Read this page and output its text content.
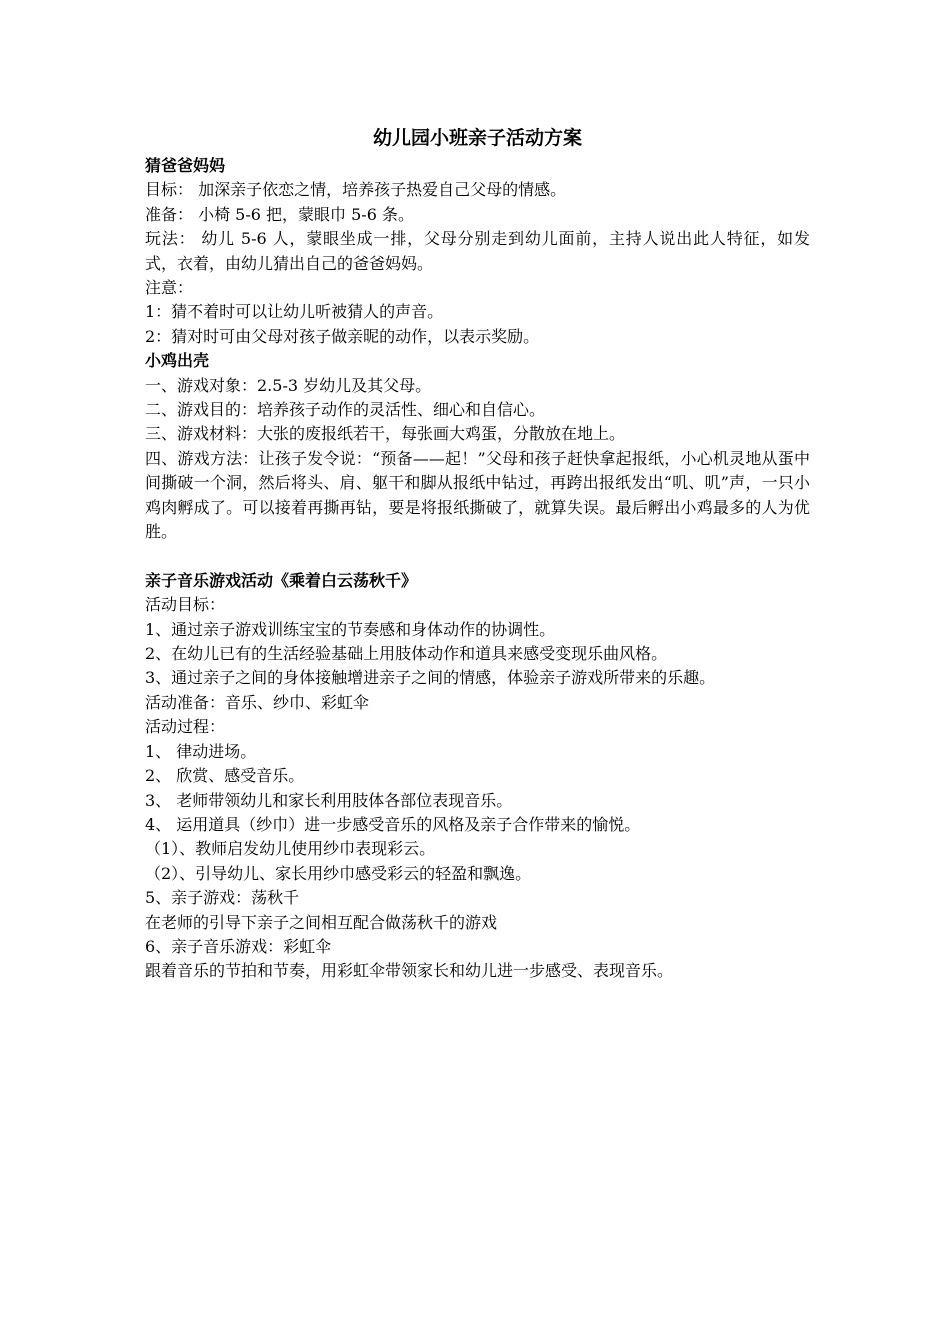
幼儿园小班亲子活动方案
猜爸爸妈妈
目标： 加深亲子依恋之情，培养孩子热爱自己父母的情感。
准备： 小椅 5-6 把，蒙眼巾 5-6 条。
玩法： 幼儿 5-6 人，蒙眼坐成一排，父母分别走到幼儿面前，主持人说出此人特征，如发式，衣着，由幼儿猜出自己的爸爸妈妈。
注意：
1：猜不着时可以让幼儿听被猜人的声音。
2：猜对时可由父母对孩子做亲昵的动作，以表示奖励。
小鸡出壳
一、游戏对象：2.5-3 岁幼儿及其父母。
二、游戏目的：培养孩子动作的灵活性、细心和自信心。
三、游戏材料：大张的废报纸若干，每张画大鸡蛋，分散放在地上。
四、游戏方法：让孩子发令说：“预备——起！”父母和孩子赶快拿起报纸，小心机灵地从蛋中间撕破一个洞，然后将头、肩、躯干和脚从报纸中钻过，再跨出报纸发出“叽、叽”声，一只小鸡肉孵成了。可以接着再撕再钻，要是将报纸撕破了，就算失误。最后孵出小鸡最多的人为优胜。
亲子音乐游戏活动《乘着白云荡秋千》
活动目标：
1、通过亲子游戏训练宝宝的节奏感和身体动作的协调性。
2、在幼儿已有的生活经验基础上用肢体动作和道具来感受变现乐曲风格。
3、通过亲子之间的身体接触增进亲子之间的情感，体验亲子游戏所带来的乐趣。
活动准备：音乐、纱巾、彩虹伞
活动过程：
1、 律动进场。
2、 欣赏、感受音乐。
3、 老师带领幼儿和家长利用肢体各部位表现音乐。
4、 运用道具（纱巾）进一步感受音乐的风格及亲子合作带来的愉悦。
（1）、教师启发幼儿使用纱巾表现彩云。
（2）、引导幼儿、家长用纱巾感受彩云的轻盈和飘逸。
5、亲子游戏：荡秋千
在老师的引导下亲子之间相互配合做荡秋千的游戏
6、亲子音乐游戏：彩虹伞
跟着音乐的节拍和节奏，用彩虹伞带领家长和幼儿进一步感受、表现音乐。
